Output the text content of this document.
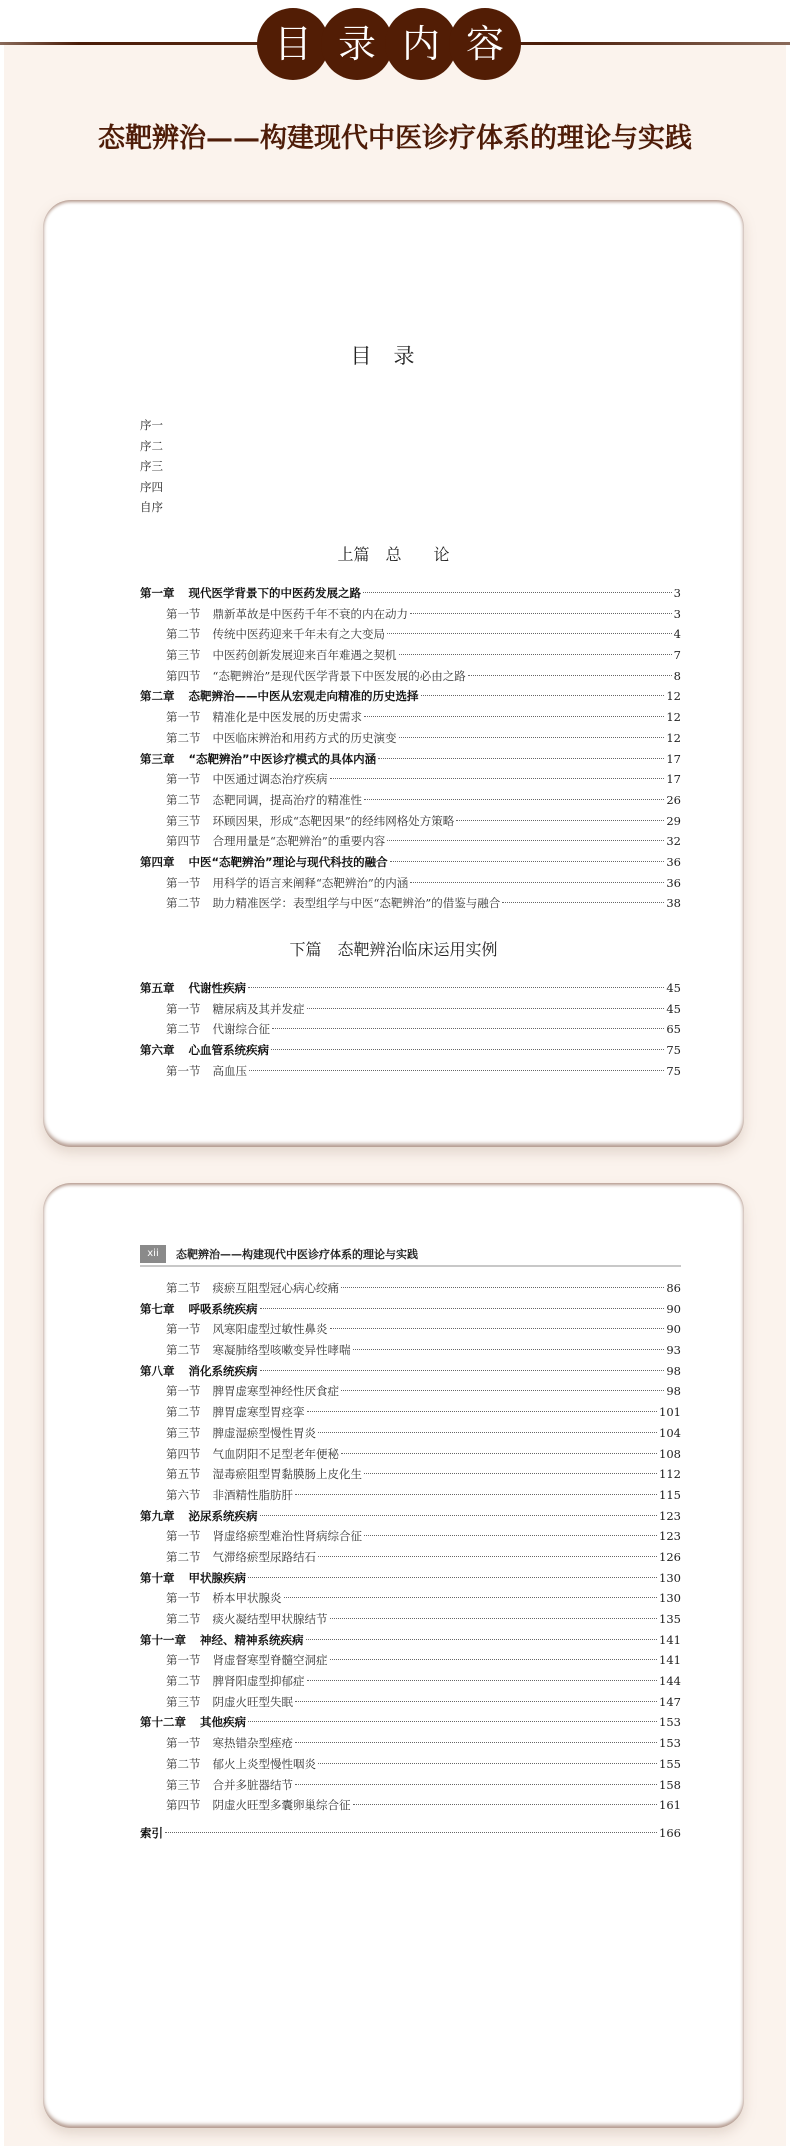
目 录 内 容
态靶辨治——构建现代中医诊疗体系的理论与实践
目录
序一
序二
序三
序四
自序
上篇　总　　论
第一章 现代医学背景下的中医药发展之路	3
第一节 鼎新革故是中医药千年不衰的内在动力	3
第二节 传统中医药迎来千年未有之大变局	4
第三节 中医药创新发展迎来百年难遇之契机	7
第四节 “态靶辨治”是现代医学背景下中医发展的必由之路	8
第二章 态靶辨治——中医从宏观走向精准的历史选择	12
第一节 精准化是中医发展的历史需求	12
第二节 中医临床辨治和用药方式的历史演变	12
第三章 “态靶辨治”中医诊疗模式的具体内涵	17
第一节 中医通过调态治疗疾病	17
第二节 态靶同调，提高治疗的精准性	26
第三节 环顾因果，形成“态靶因果”的经纬网格处方策略	29
第四节 合理用量是“态靶辨治”的重要内容	32
第四章 中医“态靶辨治”理论与现代科技的融合	36
第一节 用科学的语言来阐释“态靶辨治”的内涵	36
第二节 助力精准医学：表型组学与中医“态靶辨治”的借鉴与融合	38
下篇　态靶辨治临床运用实例
第五章 代谢性疾病	45
第一节 糖尿病及其并发症	45
第二节 代谢综合征	65
第六章 心血管系统疾病	75
第一节 高血压	75
xii	态靶辨治——构建现代中医诊疗体系的理论与实践
第二节 痰瘀互阻型冠心病心绞痛	86
第七章 呼吸系统疾病	90
第一节 风寒阳虚型过敏性鼻炎	90
第二节 寒凝肺络型咳嗽变异性哮喘	93
第八章 消化系统疾病	98
第一节 脾胃虚寒型神经性厌食症	98
第二节 脾胃虚寒型胃痉挛	101
第三节 脾虚湿瘀型慢性胃炎	104
第四节 气血阴阳不足型老年便秘	108
第五节 湿毒瘀阻型胃黏膜肠上皮化生	112
第六节 非酒精性脂肪肝	115
第九章 泌尿系统疾病	123
第一节 肾虚络瘀型难治性肾病综合征	123
第二节 气滞络瘀型尿路结石	126
第十章 甲状腺疾病	130
第一节 桥本甲状腺炎	130
第二节 痰火凝结型甲状腺结节	135
第十一章 神经、精神系统疾病	141
第一节 肾虚督寒型脊髓空洞症	141
第二节 脾肾阳虚型抑郁症	144
第三节 阴虚火旺型失眠	147
第十二章 其他疾病	153
第一节 寒热错杂型痤疮	153
第二节 郁火上炎型慢性咽炎	155
第三节 合并多脏器结节	158
第四节 阴虚火旺型多囊卵巢综合征	161
索引	166
